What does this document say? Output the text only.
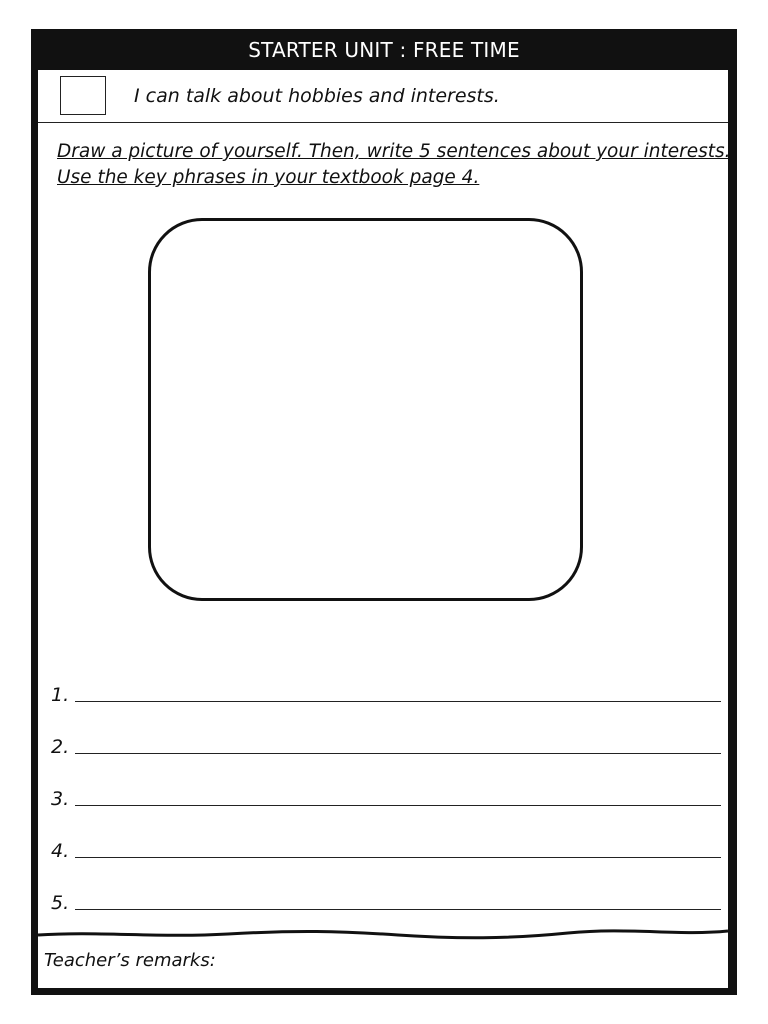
STARTER UNIT : FREE TIME
I can talk about hobbies and interests.
Draw a picture of yourself. Then, write 5 sentences about your interests.
Use the key phrases in your textbook page 4.
1.
2.
3.
4.
5.
Teacher’s remarks:
